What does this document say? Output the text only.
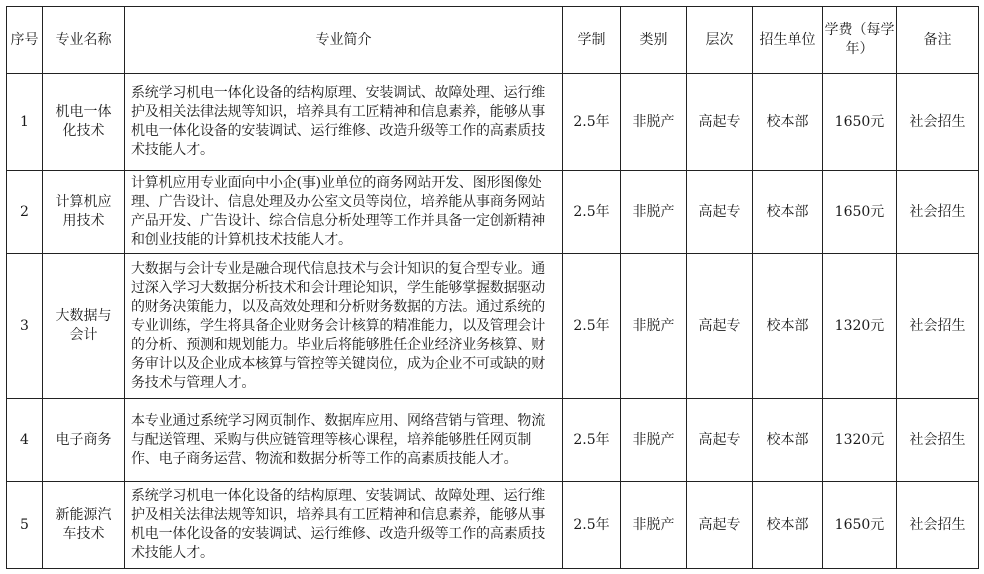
序号	专业名称	专业简介	学制	类别	层次	招生单位	学费（每学年）	备注
1	机电一体化技术	系统学习机电一体化设备的结构原理、安装调试、故障处理、运行维护及相关法律法规等知识，培养具有工匠精神和信息素养，能够从事机电一体化设备的安装调试、运行维修、改造升级等工作的高素质技术技能人才。	2.5年	非脱产	高起专	校本部	1650元	社会招生
2	计算机应用技术	计算机应用专业面向中小企(事)业单位的商务网站开发、图形图像处理、广告设计、信息处理及办公室文员等岗位，培养能从事商务网站产品开发、广告设计、综合信息分析处理等工作并具备一定创新精神和创业技能的计算机技术技能人才。	2.5年	非脱产	高起专	校本部	1650元	社会招生
3	大数据与会计	大数据与会计专业是融合现代信息技术与会计知识的复合型专业。通过深入学习大数据分析技术和会计理论知识，学生能够掌握数据驱动的财务决策能力，以及高效处理和分析财务数据的方法。通过系统的专业训练，学生将具备企业财务会计核算的精准能力，以及管理会计的分析、预测和规划能力。毕业后将能够胜任企业经济业务核算、财务审计以及企业成本核算与管控等关键岗位，成为企业不可或缺的财务技术与管理人才。	2.5年	非脱产	高起专	校本部	1320元	社会招生
4	电子商务	本专业通过系统学习网页制作、数据库应用、网络营销与管理、物流与配送管理、采购与供应链管理等核心课程，培养能够胜任网页制作、电子商务运营、物流和数据分析等工作的高素质技能人才。	2.5年	非脱产	高起专	校本部	1320元	社会招生
5	新能源汽车技术	系统学习机电一体化设备的结构原理、安装调试、故障处理、运行维护及相关法律法规等知识，培养具有工匠精神和信息素养，能够从事机电一体化设备的安装调试、运行维修、改造升级等工作的高素质技术技能人才。	2.5年	非脱产	高起专	校本部	1650元	社会招生
